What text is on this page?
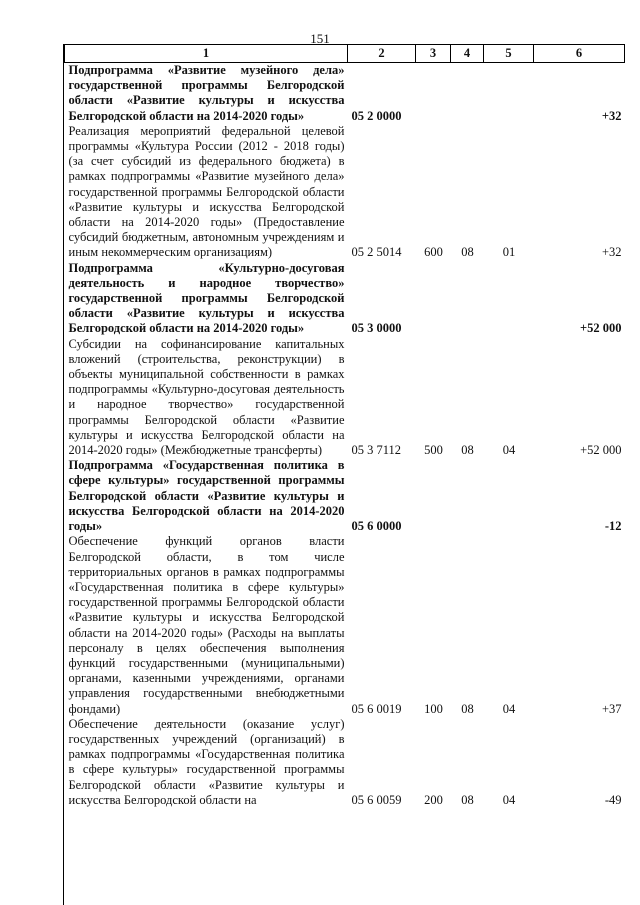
151
1	2	3	4	5	6
Подпрограмма «Развитие музейного дела» государственной программы Белгородской области «Развитие культуры и искусства Белгородской области на 2014-2020 годы»	05 2 0000				+32
Реализация мероприятий федеральной целевой программы «Культура России (2012 - 2018 годы) (за счет субсидий из федерального бюджета) в рамках подпрограммы «Развитие музейного дела» государственной программы Белгородской области «Развитие культуры и искусства Белгородской области на 2014-2020 годы» (Предоставление субсидий бюджетным, автономным учреждениям и иным некоммерческим организациям)	05 2 5014	600	08	01	+32
Подпрограмма «Культурно-досуговая деятельность и народное творчество» государственной программы Белгородской области «Развитие культуры и искусства Белгородской области на 2014-2020 годы»	05 3 0000				+52 000
Субсидии на софинансирование капитальных вложений (строительства, реконструкции) в объекты муниципальной собственности в рамках подпрограммы «Культурно-досуговая деятельность и народное творчество» государственной программы Белгородской области «Развитие культуры и искусства Белгородской области на 2014-2020 годы» (Межбюджетные трансферты)	05 3 7112	500	08	04	+52 000
Подпрограмма «Государственная политика в сфере культуры» государственной программы Белгородской области «Развитие культуры и искусства Белгородской области на 2014-2020 годы»	05 6 0000				-12
Обеспечение функций органов власти Белгородской области, в том числе территориальных органов в рамках подпрограммы «Государственная политика в сфере культуры» государственной программы Белгородской области «Развитие культуры и искусства Белгородской области на 2014-2020 годы» (Расходы на выплаты персоналу в целях обеспечения выполнения функций государственными (муниципальными) органами, казенными учреждениями, органами управления государственными внебюджетными фондами)	05 6 0019	100	08	04	+37
Обеспечение деятельности (оказание услуг) государственных учреждений (организаций) в рамках подпрограммы «Государственная политика в сфере культуры» государственной программы Белгородской области «Развитие культуры и искусства Белгородской области на	05 6 0059	200	08	04	-49
